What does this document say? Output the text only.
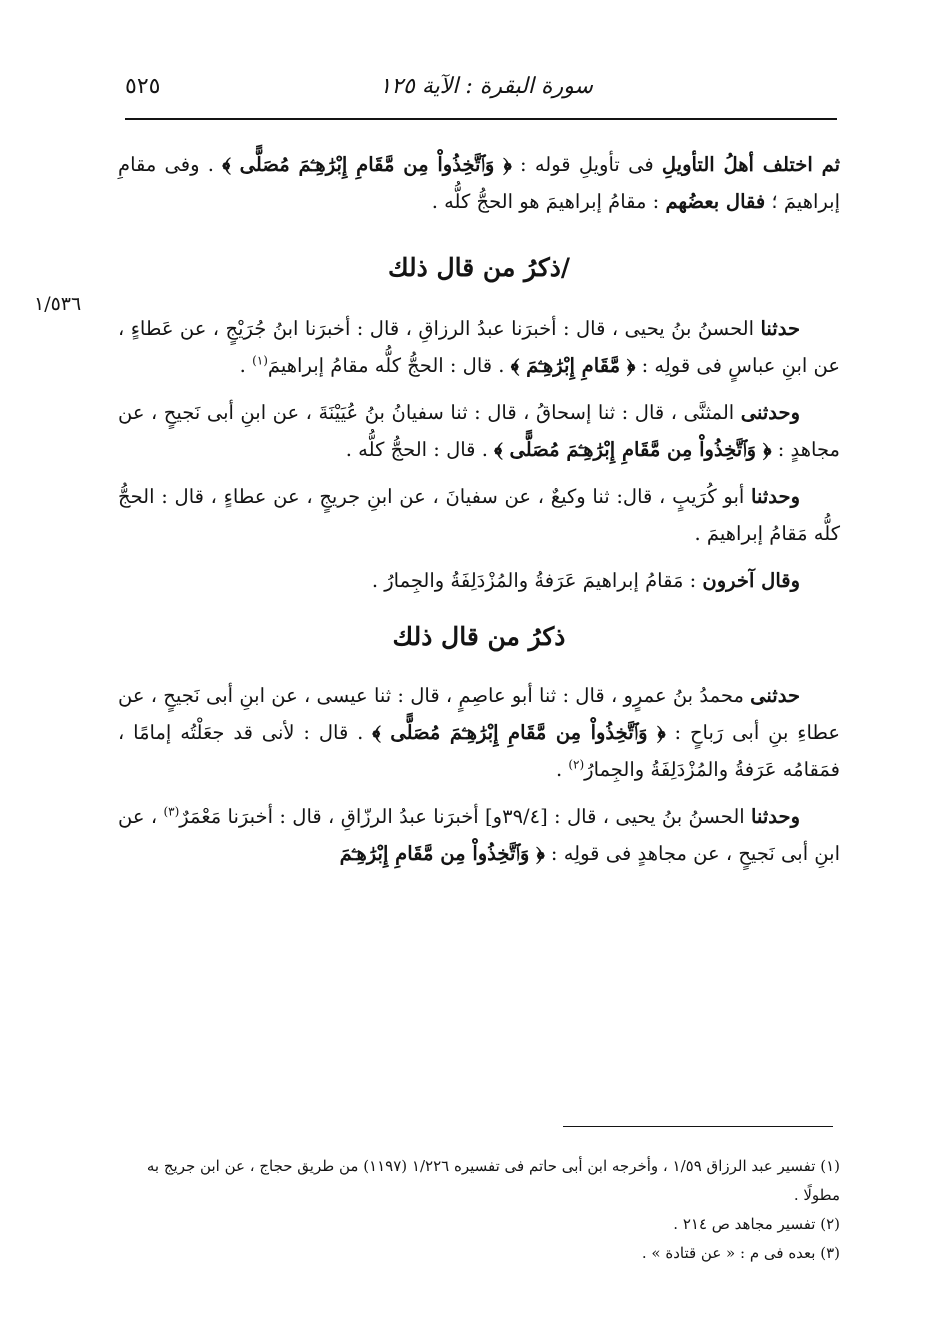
سورة البقرة : الآية ١٢٥
٥٢٥
١/٥٣٦

ثم اختلف أهلُ التأويلِ فى تأويلِ قوله : ﴿ وَٱتَّخِذُواْ مِن مَّقَامِ إِبْرَٰهِـۧمَ مُصَلًّى ﴾ . وفى مقامِ إبراهيمَ ؛ فقال بعضُهم : مقامُ إبراهيمَ هو الحجُّ كلُّه .

/ذكرُ من قال ذلك

حدثنا الحسنُ بنُ يحيى ، قال : أخبرَنا عبدُ الرزاقِ ، قال : أخبرَنا ابنُ جُرَيْجٍ ، عن عَطاءٍ ، عن ابنِ عباسٍ فى قولِه : ﴿ مَّقَامِ إِبْرَٰهِـۧمَ ﴾ . قال : الحجُّ كلُّه مقامُ إبراهيمَ$^{(١)}$ .

وحدثنى المثنَّى ، قال : ثنا إسحاقُ ، قال : ثنا سفيانُ بنُ عُيَيْنَةَ ، عن ابنِ أبى نَجيحٍ ، عن مجاهدٍ : ﴿ وَٱتَّخِذُواْ مِن مَّقَامِ إِبْرَٰهِـۧمَ مُصَلًّى ﴾ . قال : الحجُّ كلُّه .

وحدثنا أبو كُرَيبٍ ، قال: ثنا وكيعٌ ، عن سفيانَ ، عن ابنِ جريجٍ ، عن عطاءٍ ، قال : الحجُّ كلُّه مَقامُ إبراهيمَ .

وقال آخرون : مَقامُ إبراهيمَ عَرَفةُ والمُزْدَلِفَةُ والجِمارُ .

ذكرُ من قال ذلك

حدثنى محمدُ بنُ عمرٍو ، قال : ثنا أبو عاصِمٍ ، قال : ثنا عيسى ، عن ابنِ أبى نَجيحٍ ، عن عطاءِ بنِ أبى رَباحٍ : ﴿ وَٱتَّخِذُواْ مِن مَّقَامِ إِبْرَٰهِـۧمَ مُصَلًّى ﴾ . قال : لأنى قد جعَلْتُه إمامًا ، فمَقامُه عَرَفةُ والمُزْدَلِفَةُ والجِمارُ$^{(٢)}$ .

وحدثنا الحسنُ بنُ يحيى ، قال : [٣٩/٤و] أخبرَنا عبدُ الرزّاقِ ، قال : أخبرَنا مَعْمَرٌ$^{(٣)}$ ، عن ابنِ أبى نَجيحٍ ، عن مجاهدٍ فى قولِه : ﴿ وَٱتَّخِذُواْ مِن مَّقَامِ إِبْرَٰهِـۧمَ

(١) تفسير عبد الرزاق ١/٥٩ ، وأخرجه ابن أبى حاتم فى تفسيره ١/٢٢٦ (١١٩٧) من طريق حجاج ، عن ابن جريج به مطولًا .

(٢) تفسير مجاهد ص ٢١٤ .

(٣) بعده فى م : « عن قتادة » .
